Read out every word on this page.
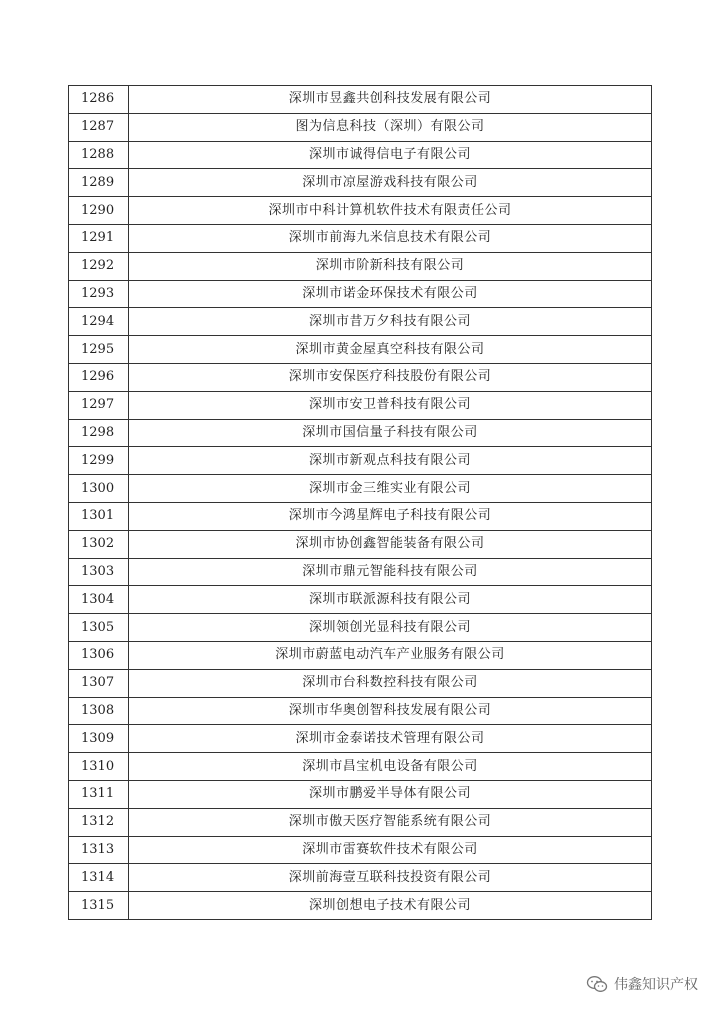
1286	深圳市昱鑫共创科技发展有限公司
1287	图为信息科技（深圳）有限公司
1288	深圳市诚得信电子有限公司
1289	深圳市凉屋游戏科技有限公司
1290	深圳市中科计算机软件技术有限责任公司
1291	深圳市前海九米信息技术有限公司
1292	深圳市阶新科技有限公司
1293	深圳市诺金环保技术有限公司
1294	深圳市昔万夕科技有限公司
1295	深圳市黄金屋真空科技有限公司
1296	深圳市安保医疗科技股份有限公司
1297	深圳市安卫普科技有限公司
1298	深圳市国信量子科技有限公司
1299	深圳市新观点科技有限公司
1300	深圳市金三维实业有限公司
1301	深圳市今鸿星辉电子科技有限公司
1302	深圳市协创鑫智能装备有限公司
1303	深圳市鼎元智能科技有限公司
1304	深圳市联派源科技有限公司
1305	深圳领创光显科技有限公司
1306	深圳市蔚蓝电动汽车产业服务有限公司
1307	深圳市台科数控科技有限公司
1308	深圳市华奥创智科技发展有限公司
1309	深圳市金泰诺技术管理有限公司
1310	深圳市昌宝机电设备有限公司
1311	深圳市鹏爱半导体有限公司
1312	深圳市傲天医疗智能系统有限公司
1313	深圳市雷赛软件技术有限公司
1314	深圳前海壹互联科技投资有限公司
1315	深圳创想电子技术有限公司
伟鑫知识产权
